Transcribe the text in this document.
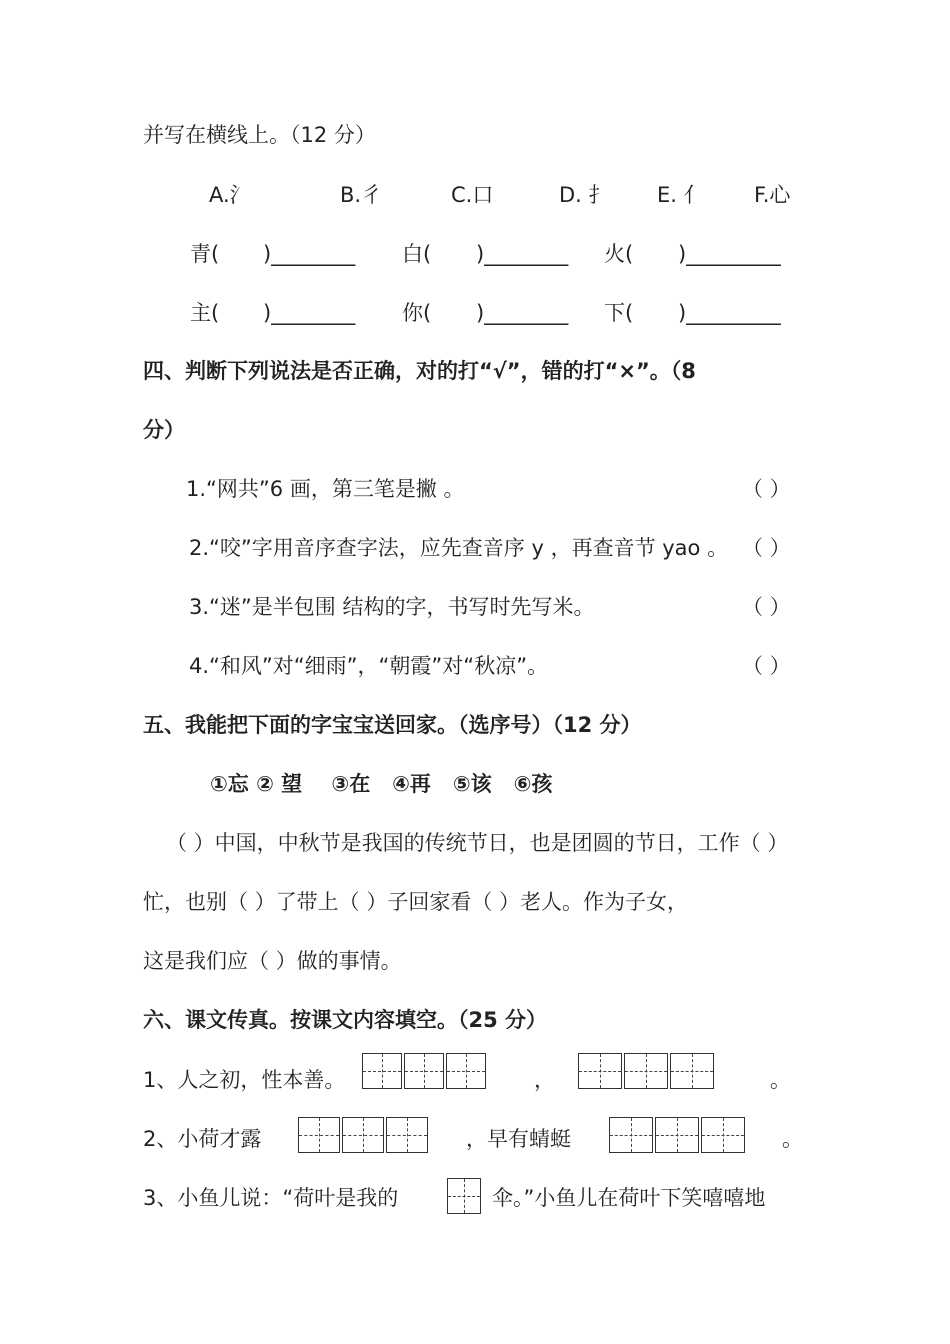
并写在横线上。（12 分）
A.氵	B.彳	C.口	D. 扌 E. 亻 F.心
青( )________ 白( )________ 火( )_________
主( )________ 你( )________ 下( )_________
四、判断下列说法是否正确，对的打“√”，错的打“×”。（8
分）
1.“网共”6 画，第三笔是撇 。	（ ）
2.“咬”字用音序查字法，应先查音序 y ，再查音节 yao 。 （ ）
3.“迷”是半包围 结构的字，书写时先写米。	（ ）
4.“和风”对“细雨”，“朝霞”对“秋凉”。	（ ）
五、我能把下面的字宝宝送回家。（选序号）（12 分）
①忘 ② 望    ③在   ④再   ⑤该   ⑥孩
（ ）中国，中秋节是我国的传统节日，也是团圆的节日，工作（ ）
忙，也别（ ）了带上（ ）子回家看（ ）老人。作为子女，
这是我们应（ ）做的事情。
六、课文传真。按课文内容填空。（25 分）
1、人之初，性本善。	，	。
2、小荷才露	，早有蜻蜓	。
3、小鱼儿说：“荷叶是我的	伞。”小鱼儿在荷叶下笑嘻嘻地
